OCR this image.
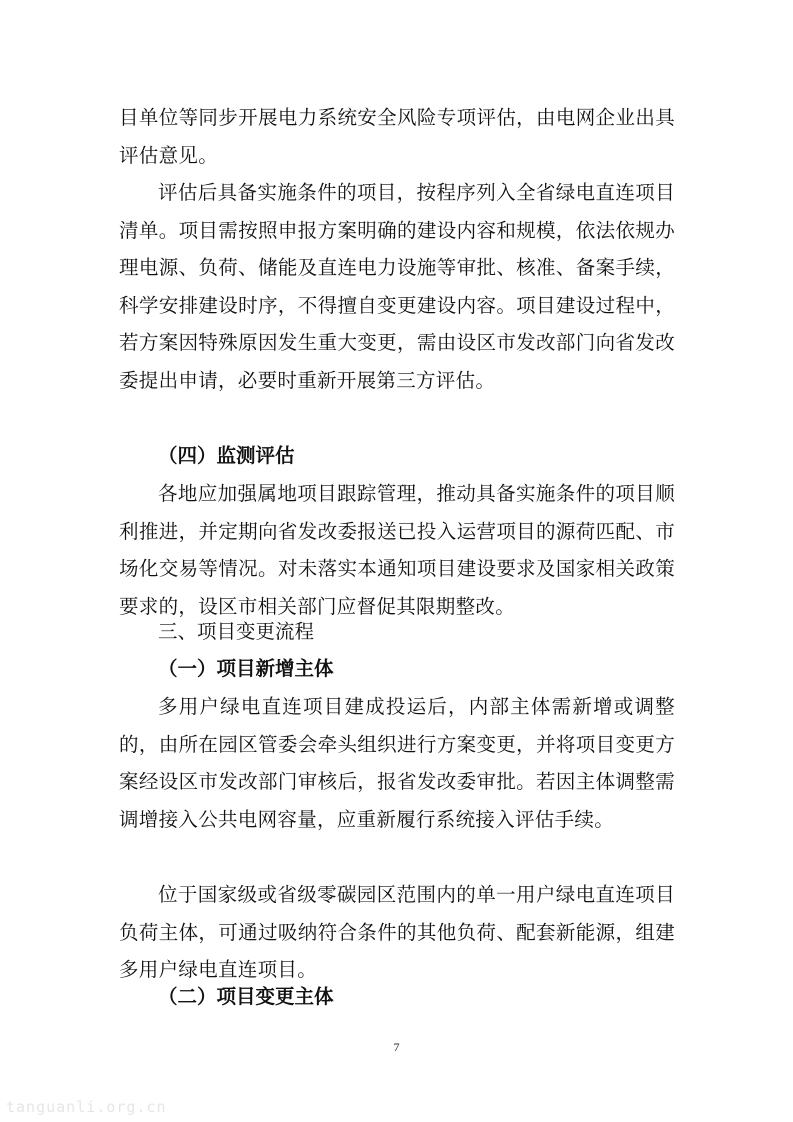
目单位等同步开展电力系统安全风险专项评估，由电网企业出具评估意见。

评估后具备实施条件的项目，按程序列入全省绿电直连项目清单。项目需按照申报方案明确的建设内容和规模，依法依规办理电源、负荷、储能及直连电力设施等审批、核准、备案手续，科学安排建设时序，不得擅自变更建设内容。项目建设过程中，若方案因特殊原因发生重大变更，需由设区市发改部门向省发改委提出申请，必要时重新开展第三方评估。

（四）监测评估

各地应加强属地项目跟踪管理，推动具备实施条件的项目顺利推进，并定期向省发改委报送已投入运营项目的源荷匹配、市场化交易等情况。对未落实本通知项目建设要求及国家相关政策要求的，设区市相关部门应督促其限期整改。

三、项目变更流程

（一）项目新增主体

多用户绿电直连项目建成投运后，内部主体需新增或调整的，由所在园区管委会牵头组织进行方案变更，并将项目变更方案经设区市发改部门审核后，报省发改委审批。若因主体调整需调增接入公共电网容量，应重新履行系统接入评估手续。

位于国家级或省级零碳园区范围内的单一用户绿电直连项目负荷主体，可通过吸纳符合条件的其他负荷、配套新能源，组建多用户绿电直连项目。

（二）项目变更主体

7
tanguanli.org.cn
